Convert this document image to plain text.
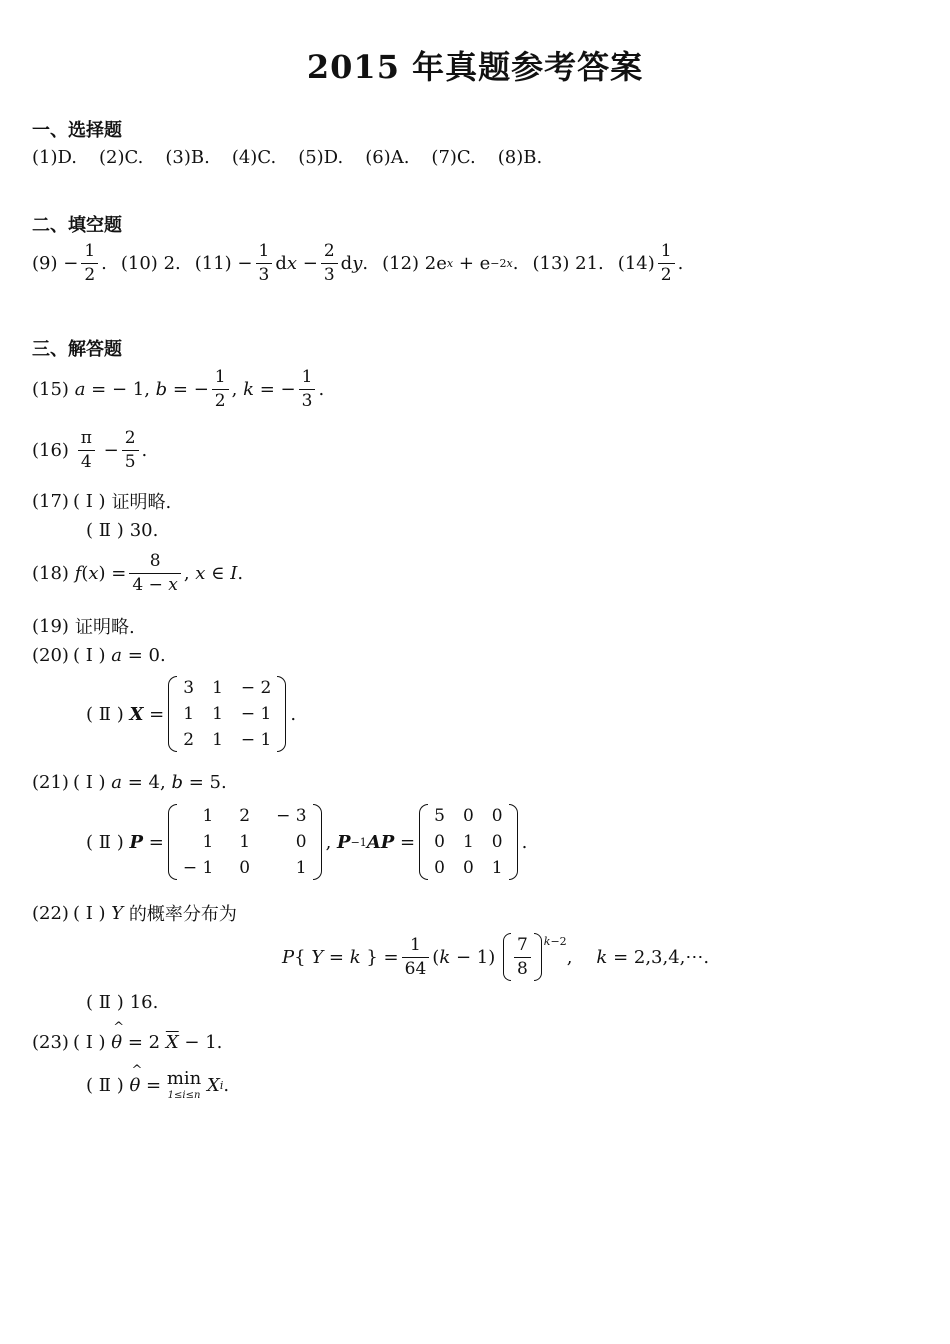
2015 年真题参考答案
一、选择题
(1)D. (2)C. (3)B. (4)C. (5)D. (6)A. (7)C. (8)B.
二、填空题
$(9) - \frac{1}{2}$ . (10)
2. $(11) - \frac{1}{3}$ d $x - \frac{2}{3}$ d y . (12) 2e x + e −2x . (13)
21. $(14) \frac{1}{2}$ .
三、解答题
(15)
a = − 1, b = − $\frac{1}{2}$ , k = − $\frac{1}{3}$ .
(16)
$\frac{\pi}{4} - \frac{2}{5}$ .
(17) ( Ⅰ ) 证明略.
( Ⅱ ) 30.
(18)
f ( x ) = $\frac{8}{4 - x}$ , x ∈ I .
(19) 证明略.
(20) ( Ⅰ )
a = 0.
( Ⅱ )
X =
3 1 − 2
1 1 − 1
2 1 − 1
.
(21) ( Ⅰ )
a = 4, b = 5.
( Ⅱ )
P =
1 2 − 3
1 1	0
− 1 0	1
, P −1 AP =
5 0 0
0 1 0
0 0 1
.
(22) ( Ⅰ )
Y
的概率分布为
P { Y = k } = $\frac{1}{64}$ ( $k - 1) \frac{7}{8} ^{k-2}$
, k = 2,3,4,⋯.
( Ⅱ ) 16.
(23) ( Ⅰ )
^ θ = 2 $\overline{X} - 1$.
( Ⅱ )
^ θ = min
1≤i≤n
X i .
